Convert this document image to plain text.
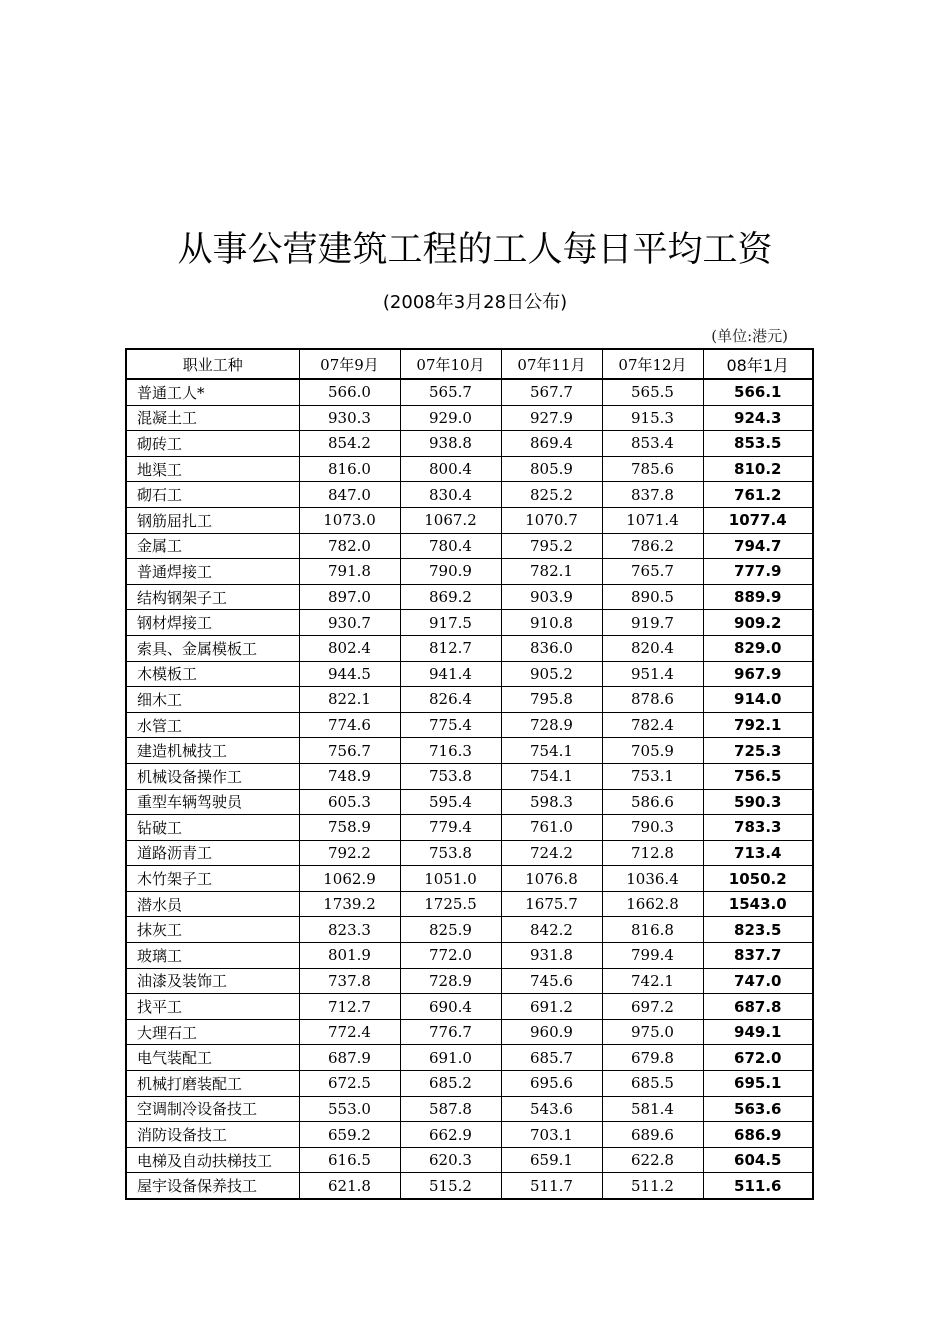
从事公营建筑工程的工人每日平均工资
(2008年3月28日公布)
(单位:港元)
职业工种	07年9月	07年10月	07年11月	07年12月	08年1月
普通工人*	566.0	565.7	567.7	565.5	566.1
混凝土工	930.3	929.0	927.9	915.3	924.3
砌砖工	854.2	938.8	869.4	853.4	853.5
地渠工	816.0	800.4	805.9	785.6	810.2
砌石工	847.0	830.4	825.2	837.8	761.2
钢筋屈扎工	1073.0	1067.2	1070.7	1071.4	1077.4
金属工	782.0	780.4	795.2	786.2	794.7
普通焊接工	791.8	790.9	782.1	765.7	777.9
结构钢架子工	897.0	869.2	903.9	890.5	889.9
钢材焊接工	930.7	917.5	910.8	919.7	909.2
索具、金属模板工	802.4	812.7	836.0	820.4	829.0
木模板工	944.5	941.4	905.2	951.4	967.9
细木工	822.1	826.4	795.8	878.6	914.0
水管工	774.6	775.4	728.9	782.4	792.1
建造机械技工	756.7	716.3	754.1	705.9	725.3
机械设备操作工	748.9	753.8	754.1	753.1	756.5
重型车辆驾驶员	605.3	595.4	598.3	586.6	590.3
钻破工	758.9	779.4	761.0	790.3	783.3
道路沥青工	792.2	753.8	724.2	712.8	713.4
木竹架子工	1062.9	1051.0	1076.8	1036.4	1050.2
潜水员	1739.2	1725.5	1675.7	1662.8	1543.0
抹灰工	823.3	825.9	842.2	816.8	823.5
玻璃工	801.9	772.0	931.8	799.4	837.7
油漆及装饰工	737.8	728.9	745.6	742.1	747.0
找平工	712.7	690.4	691.2	697.2	687.8
大理石工	772.4	776.7	960.9	975.0	949.1
电气装配工	687.9	691.0	685.7	679.8	672.0
机械打磨装配工	672.5	685.2	695.6	685.5	695.1
空调制冷设备技工	553.0	587.8	543.6	581.4	563.6
消防设备技工	659.2	662.9	703.1	689.6	686.9
电梯及自动扶梯技工	616.5	620.3	659.1	622.8	604.5
屋宇设备保养技工	621.8	515.2	511.7	511.2	511.6
